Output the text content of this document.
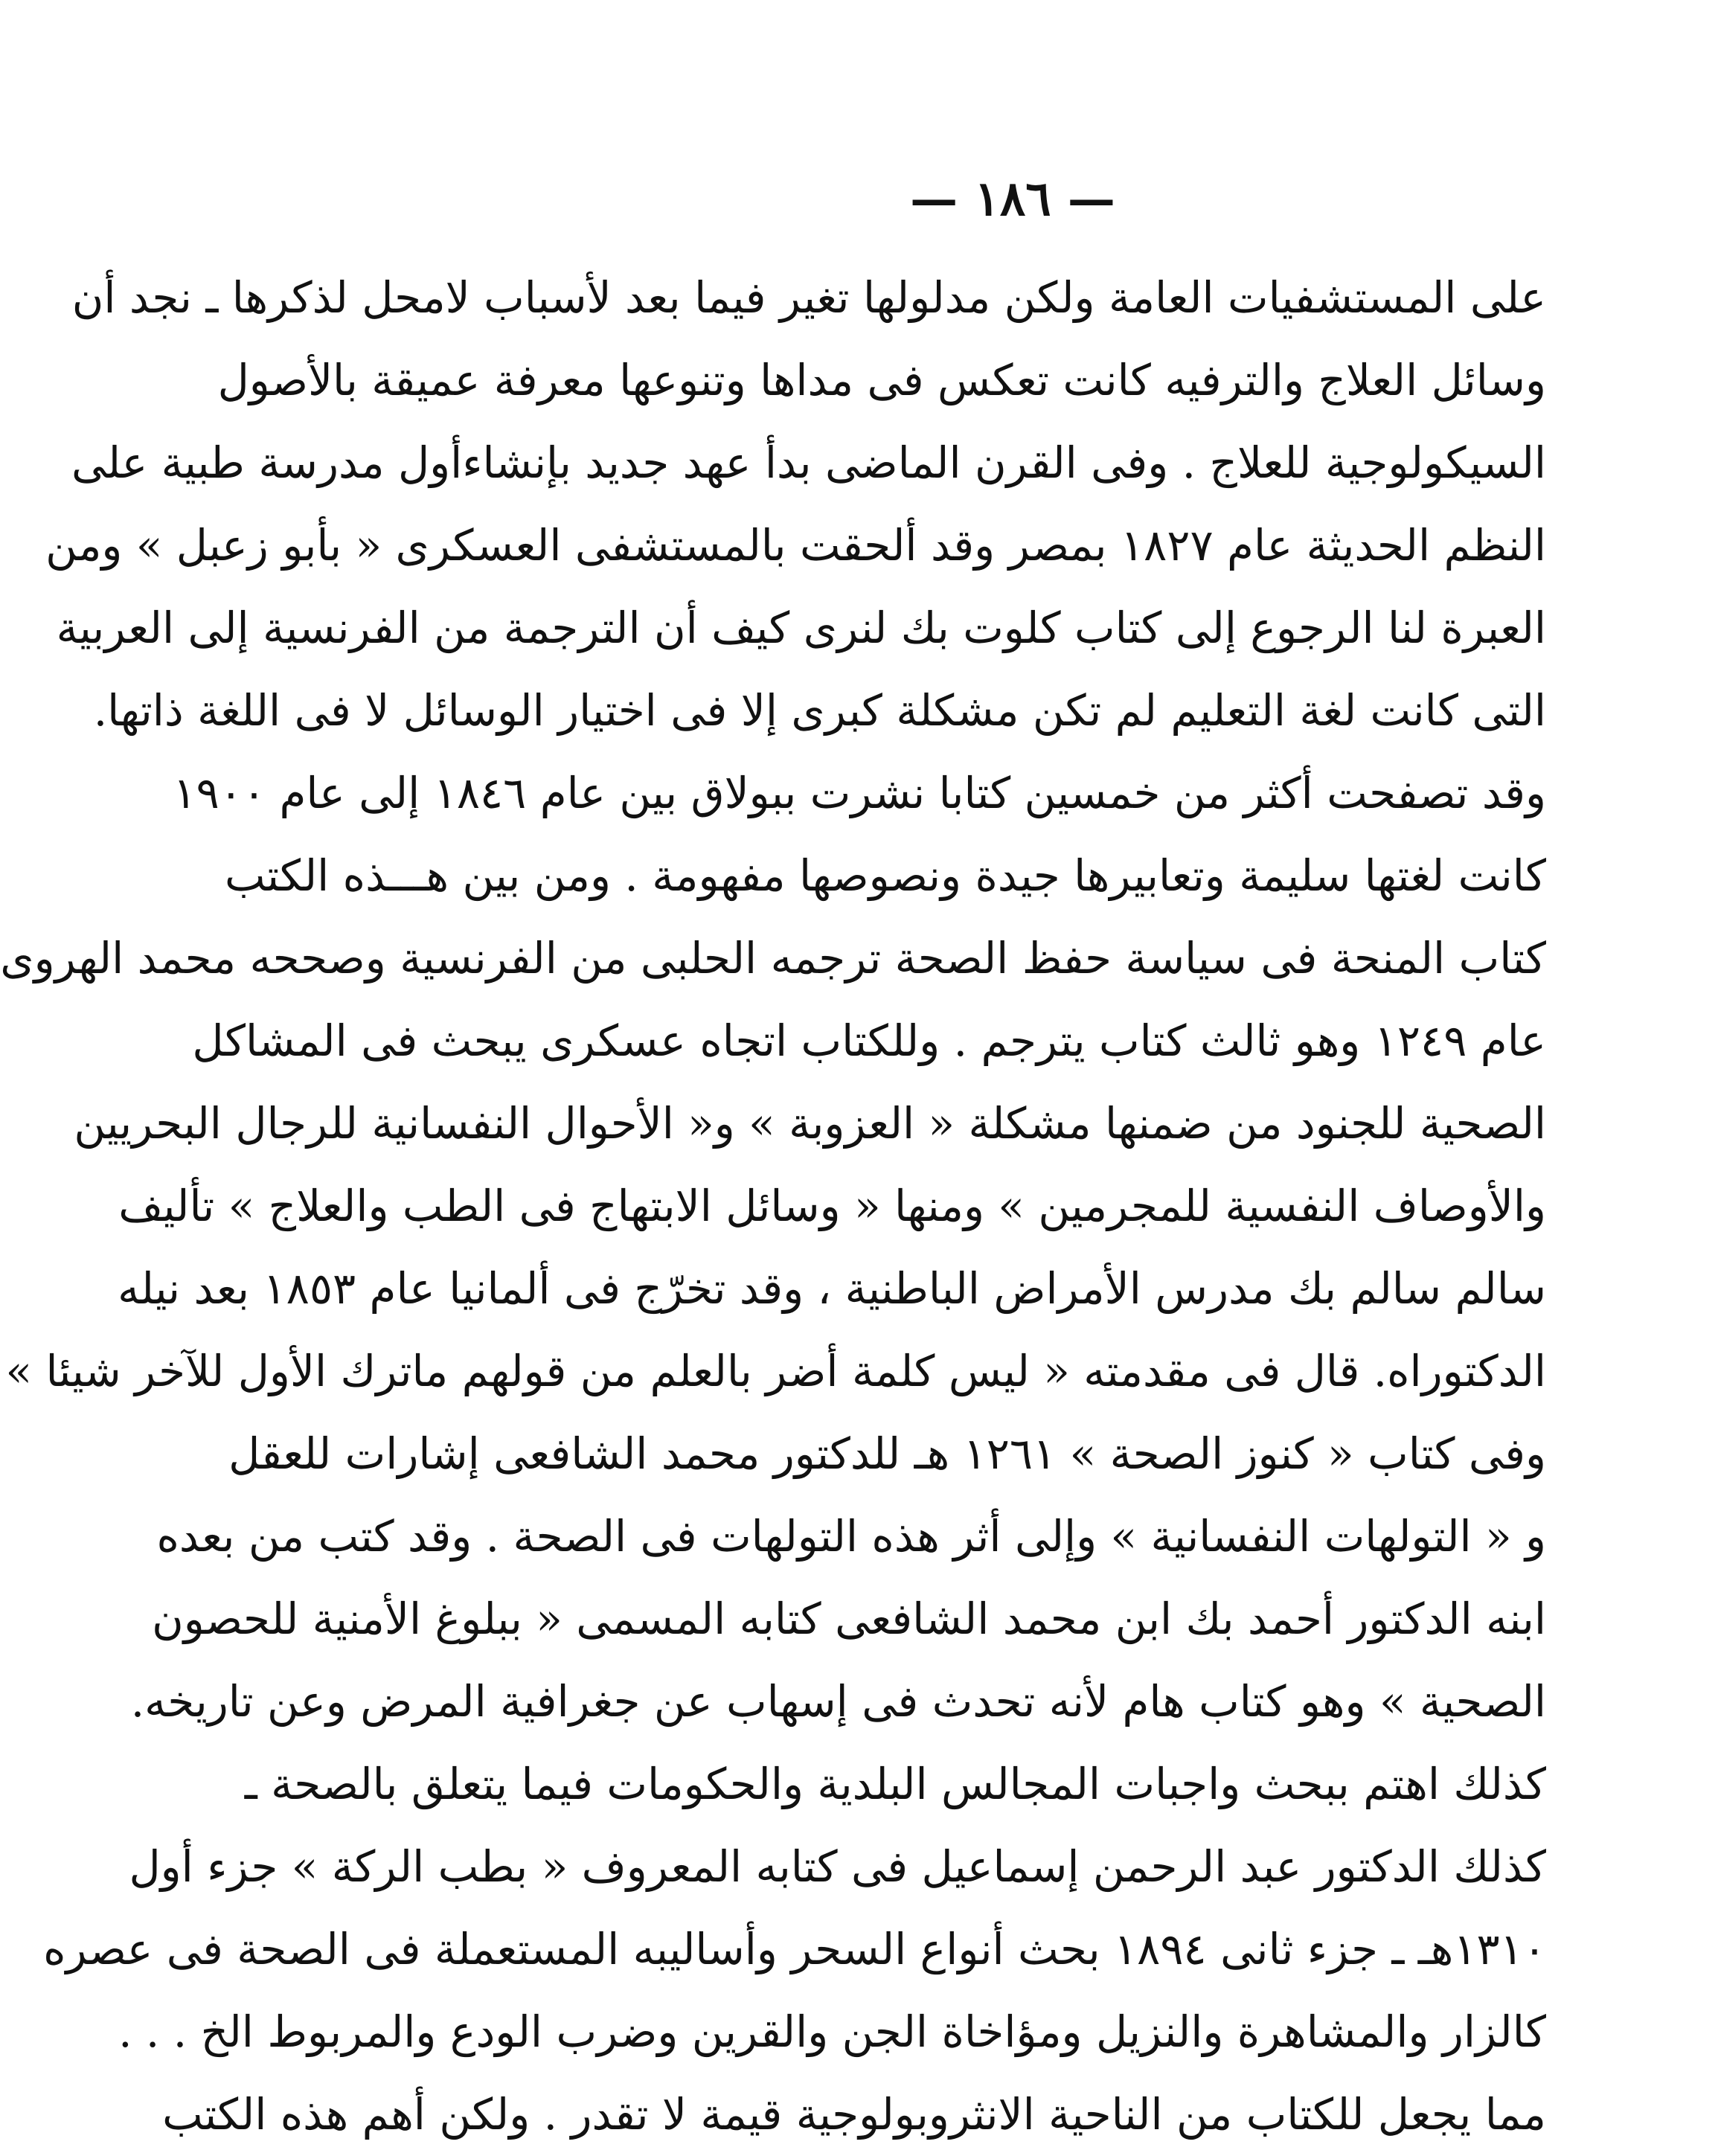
— ١٨٦ —
على المستشفيات العامة ولكن مدلولها تغير فيما بعد لأسباب لامحل لذكرها ـ نجد أن
وسائل العلاج والترفيه كانت تعكس فى مداها وتنوعها معرفة عميقة بالأصول
السيكولوجية للعلاج . وفى القرن الماضى بدأ عهد جديد بإنشاءأول مدرسة طبية على
النظم الحديثة عام ١٨٢٧ بمصر وقد ألحقت بالمستشفى العسكرى « بأبو زعبل » ومن
العبرة لنا الرجوع إلى كتاب كلوت بك لنرى كيف أن الترجمة من الفرنسية إلى العربية
التى كانت لغة التعليم لم تكن مشكلة كبرى إلا فى اختيار الوسائل لا فى اللغة ذاتها.
وقد تصفحت أكثر من خمسين كتابا نشرت ببولاق بين عام ١٨٤٦ إلى عام ١٩٠٠
كانت لغتها سليمة وتعابيرها جيدة ونصوصها مفهومة . ومن بين هـــذه الكتب
كتاب المنحة فى سياسة حفظ الصحة ترجمه الحلبى من الفرنسية وصححه محمد الهروى
عام ١٢٤٩ وهو ثالث كتاب يترجم . وللكتاب اتجاه عسكرى يبحث فى المشاكل
الصحية للجنود من ضمنها مشكلة « العزوبة » و« الأحوال النفسانية للرجال البحريين
والأوصاف النفسية للمجرمين » ومنها « وسائل الابتهاج فى الطب والعلاج » تأليف
سالم سالم بك مدرس الأمراض الباطنية ، وقد تخرّج فى ألمانيا عام ١٨٥٣ بعد نيله
الدكتوراه. قال فى مقدمته « ليس كلمة أضر بالعلم من قولهم ماترك الأول للآخر شيئا »
وفى كتاب « كنوز الصحة » ١٢٦١ هـ للدكتور محمد الشافعى إشارات للعقل
و « التولهات النفسانية » وإلى أثر هذه التولهات فى الصحة . وقد كتب من بعده
ابنه الدكتور أحمد بك ابن محمد الشافعى كتابه المسمى « ببلوغ الأمنية للحصون
الصحية » وهو كتاب هام لأنه تحدث فى إسهاب عن جغرافية المرض وعن تاريخه.
كذلك اهتم ببحث واجبات المجالس البلدية والحكومات فيما يتعلق بالصحة ـ
كذلك الدكتور عبد الرحمن إسماعيل فى كتابه المعروف « بطب الركة » جزء أول
١٣١٠هـ ـ جزء ثانى ١٨٩٤ بحث أنواع السحر وأساليبه المستعملة فى الصحة فى عصره
كالزار والمشاهرة والنزيل ومؤاخاة الجن والقرين وضرب الودع والمربوط الخ . . .
مما يجعل للكتاب من الناحية الانثروبولوجية قيمة لا تقدر . ولكن أهم هذه الكتب
